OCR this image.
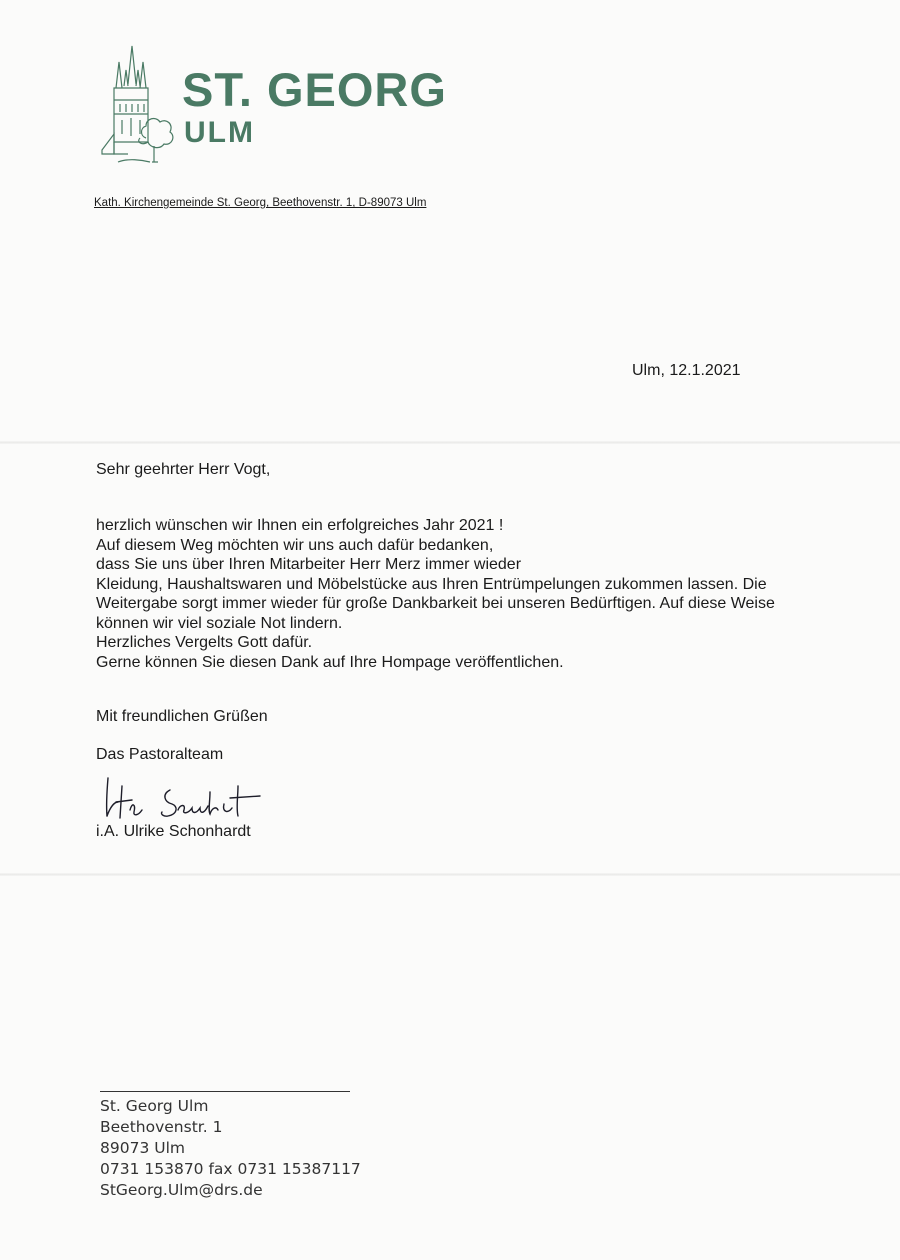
ST. GEORG
ULM
Kath. Kirchengemeinde St. Georg, Beethovenstr. 1, D-89073 Ulm
Ulm, 12.1.2021
Sehr geehrter Herr Vogt,
herzlich wünschen wir Ihnen ein erfolgreiches Jahr 2021 !
Auf diesem Weg möchten wir uns auch dafür bedanken,
dass Sie uns über Ihren Mitarbeiter Herr Merz immer wieder
Kleidung, Haushaltswaren und Möbelstücke aus Ihren Entrümpelungen zukommen lassen. Die
Weitergabe sorgt immer wieder für große Dankbarkeit bei unseren Bedürftigen. Auf diese Weise
können wir viel soziale Not lindern.
Herzliches Vergelts Gott dafür.
Gerne können Sie diesen Dank auf Ihre Hompage veröffentlichen.
Mit freundlichen Grüßen
Das Pastoralteam
i.A. Ulrike Schonhardt
St. Georg Ulm
Beethovenstr. 1
89073 Ulm
0731 153870 fax 0731 15387117
StGeorg.Ulm@drs.de
